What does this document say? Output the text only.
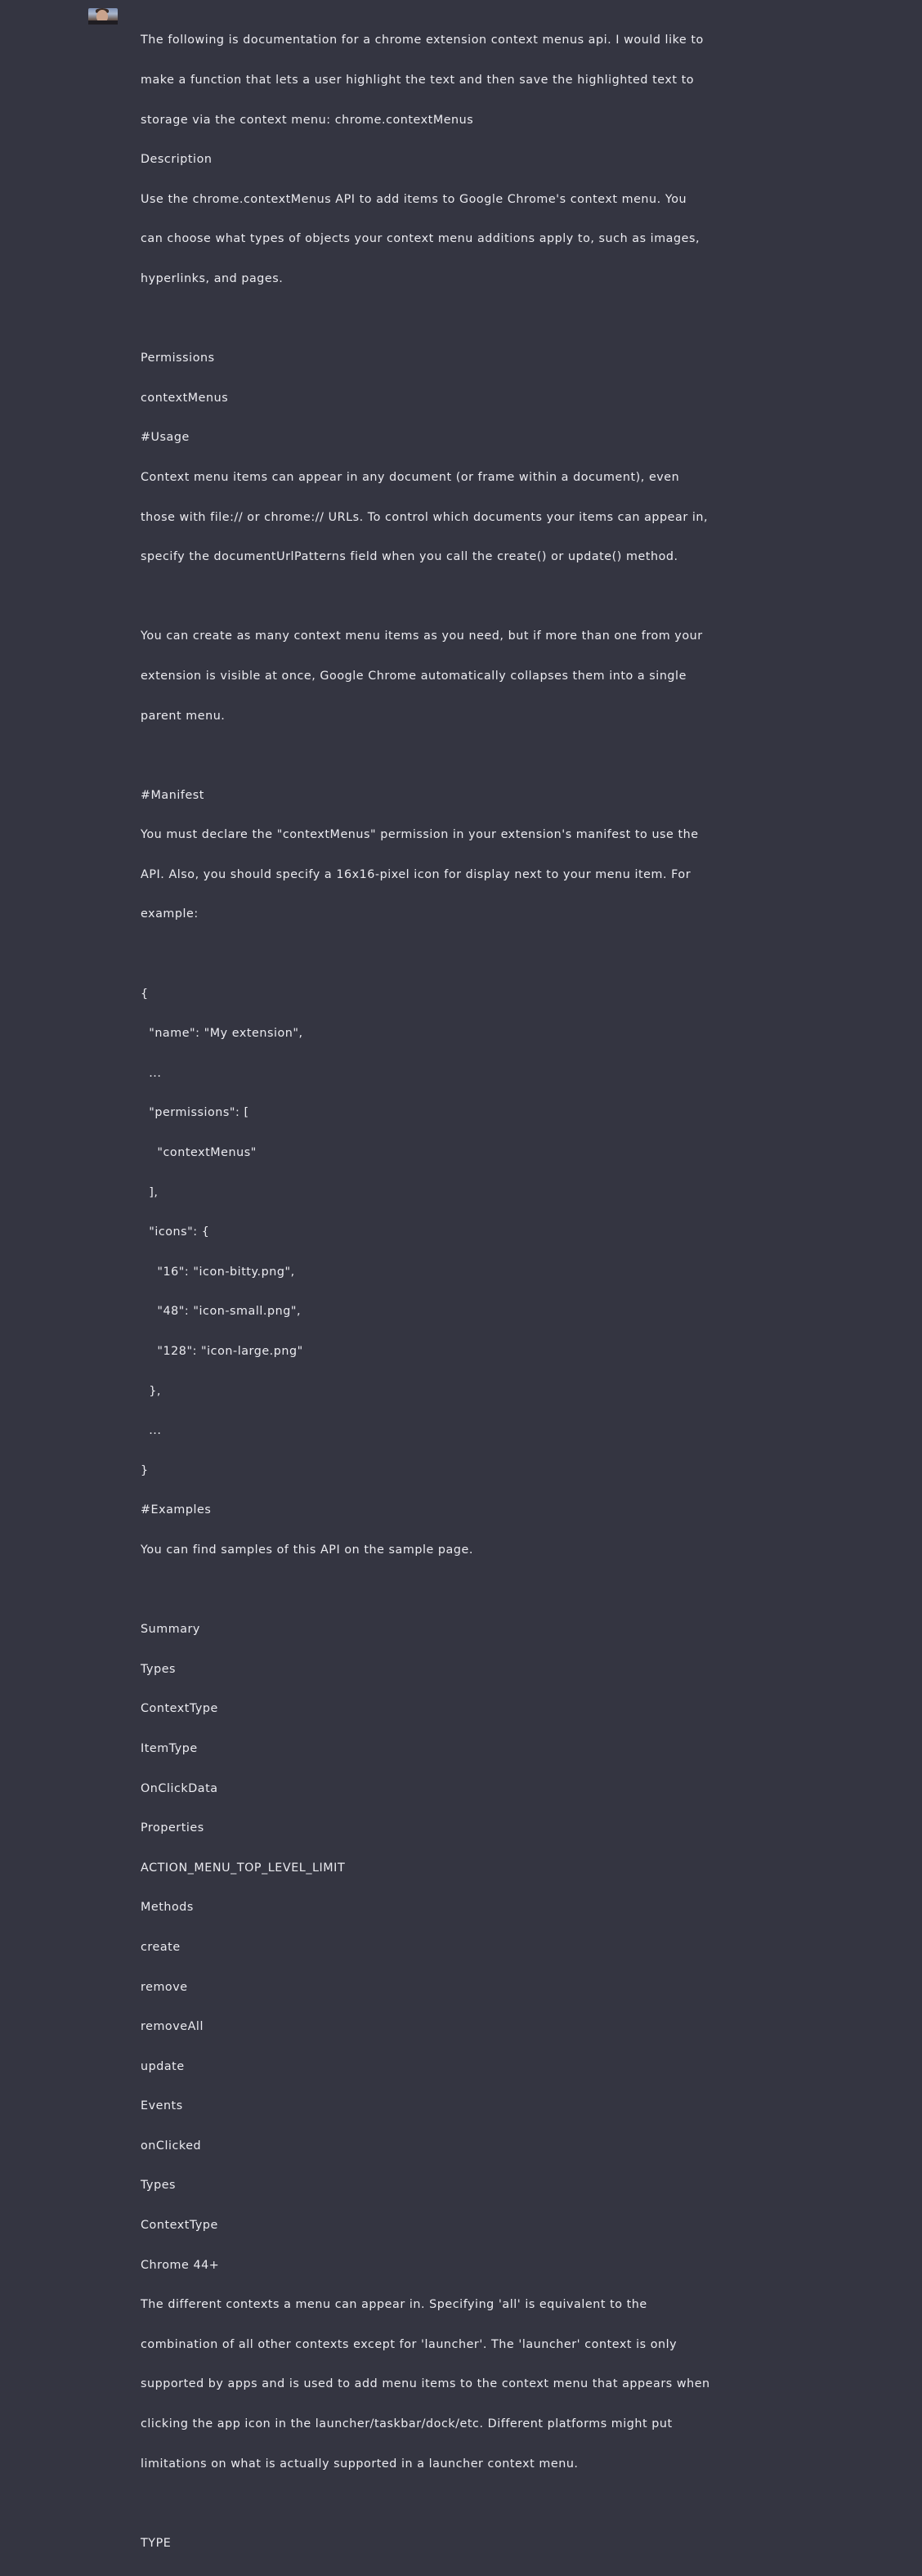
The following is documentation for a chrome extension context menus api. I would like to

make a function that lets a user highlight the text and then save the highlighted text to

storage via the context menu: chrome.contextMenus

Description

Use the chrome.contextMenus API to add items to Google Chrome's context menu. You

can choose what types of objects your context menu additions apply to, such as images,

hyperlinks, and pages.

Permissions

contextMenus

#Usage

Context menu items can appear in any document (or frame within a document), even

those with file:// or chrome:// URLs. To control which documents your items can appear in,

specify the documentUrlPatterns field when you call the create() or update() method.

You can create as many context menu items as you need, but if more than one from your

extension is visible at once, Google Chrome automatically collapses them into a single

parent menu.

#Manifest

You must declare the "contextMenus" permission in your extension's manifest to use the

API. Also, you should specify a 16x16-pixel icon for display next to your menu item. For

example:

{

"name": "My extension",

...

"permissions": [

"contextMenus"

],

"icons": {

"16": "icon-bitty.png",

"48": "icon-small.png",

"128": "icon-large.png"

},

...

}

#Examples

You can find samples of this API on the sample page.

Summary

Types

ContextType

ItemType

OnClickData

Properties

ACTION_MENU_TOP_LEVEL_LIMIT

Methods

create

remove

removeAll

update

Events

onClicked

Types

ContextType

Chrome 44+

The different contexts a menu can appear in. Specifying 'all' is equivalent to the

combination of all other contexts except for 'launcher'. The 'launcher' context is only

supported by apps and is used to add menu items to the context menu that appears when

clicking the app icon in the launcher/taskbar/dock/etc. Different platforms might put

limitations on what is actually supported in a launcher context menu.

TYPE
